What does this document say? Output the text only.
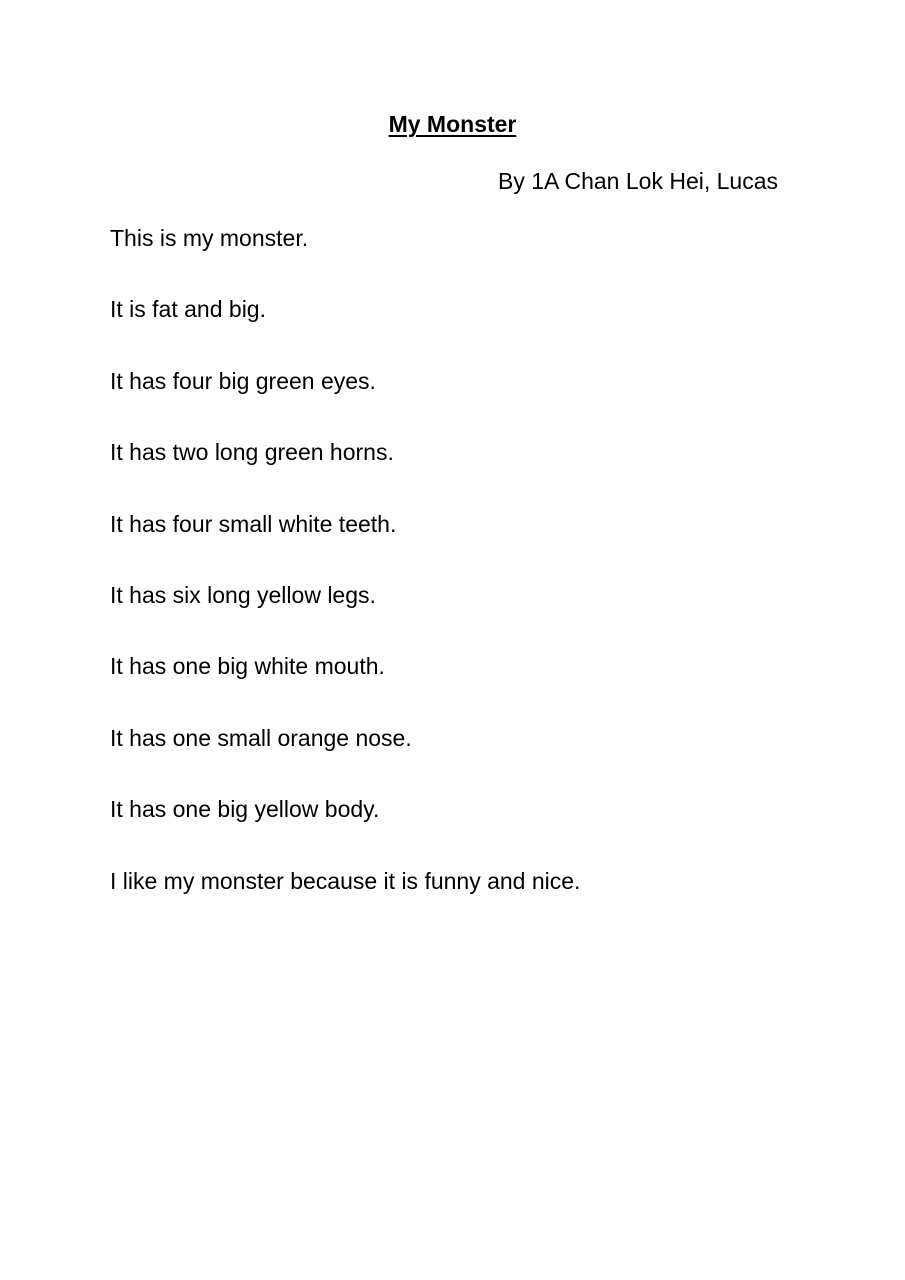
My Monster
By 1A Chan Lok Hei, Lucas
This is my monster.
It is fat and big.
It has four big green eyes.
It has two long green horns.
It has four small white teeth.
It has six long yellow legs.
It has one big white mouth.
It has one small orange nose.
It has one big yellow body.
I like my monster because it is funny and nice.
